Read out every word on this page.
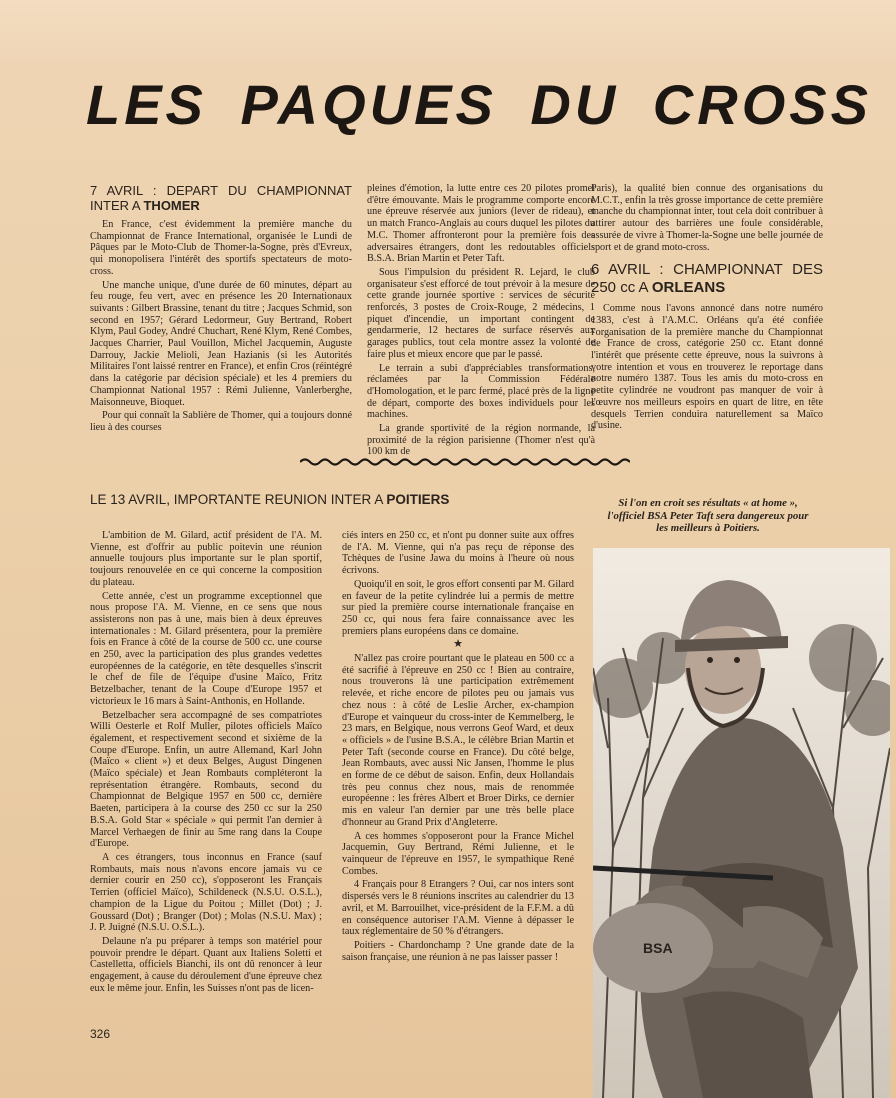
LES PAQUES DU CROSS
7 AVRIL : DEPART DU CHAMPIONNAT INTER A THOMER

En France, c'est évidemment la première manche du Championnat de France International, organisée le Lundi de Pâques par le Moto-Club de Thomer-la-Sogne, près d'Evreux, qui monopolisera l'intérêt des sportifs spectateurs de moto-cross.

Une manche unique, d'une durée de 60 minutes, départ au feu rouge, feu vert, avec en présence les 20 Internationaux suivants : Gilbert Brassine, tenant du titre ; Jacques Schmid, son second en 1957; Gérard Ledormeur, Guy Bertrand, Robert Klym, Paul Godey, André Chuchart, René Klym, René Combes, Jacques Charrier, Paul Vouillon, Michel Jacquemin, Auguste Darrouy, Jackie Melioli, Jean Hazianis (si les Autorités Militaires l'ont laissé rentrer en France), et enfin Cros (réintégré dans la catégorie par décision spéciale) et les 4 premiers du Championnat National 1957 : Rémi Julienne, Vanlerberghe, Maisonneuve, Bioquet.

Pour qui connaît la Sablière de Thomer, qui a toujours donné lieu à des courses

pleines d'émotion, la lutte entre ces 20 pilotes promet d'être émouvante. Mais le programme comporte encore une épreuve réservée aux juniors (lever de rideau), et un match Franco-Anglais au cours duquel les pilotes du M.C. Thomer affronteront pour la première fois des adversaires étrangers, dont les redoutables officiels B.S.A. Brian Martin et Peter Taft.

Sous l'impulsion du président R. Lejard, le club organisateur s'est efforcé de tout prévoir à la mesure de cette grande journée sportive : services de sécurité renforcés, 3 postes de Croix-Rouge, 2 médecins, 1 piquet d'incendie, un important contingent de gendarmerie, 12 hectares de surface réservés aux garages publics, tout cela montre assez la volonté de faire plus et mieux encore que par le passé.

Le terrain a subi d'appréciables transformations, réclamées par la Commission Fédérale d'Homologation, et le parc fermé, placé près de la ligne de départ, comporte des boxes individuels pour les machines.

La grande sportivité de la région normande, la proximité de la région parisienne (Thomer n'est qu'à 100 km de

Paris), la qualité bien connue des organisations du M.C.T., enfin la très grosse importance de cette première manche du championnat inter, tout cela doit contribuer à attirer autour des barrières une foule considérable, assurée de vivre à Thomer-la-Sogne une belle journée de sport et de grand moto-cross.

6 AVRIL : CHAMPIONNAT DES 250 cc A ORLEANS

Comme nous l'avons annoncé dans notre numéro 1383, c'est à l'A.M.C. Orléans qu'a été confiée l'organisation de la première manche du Championnat de France de cross, catégorie 250 cc. Etant donné l'intérêt que présente cette épreuve, nous la suivrons à votre intention et vous en trouverez le reportage dans notre numéro 1387. Tous les amis du moto-cross en petite cylindrée ne voudront pas manquer de voir à l'œuvre nos meilleurs espoirs en quart de litre, en tête desquels Terrien conduira naturellement sa Maïco d'usine.

LE 13 AVRIL, IMPORTANTE REUNION INTER A POITIERS

L'ambition de M. Gilard, actif président de l'A. M. Vienne, est d'offrir au public poitevin une réunion annuelle toujours plus importante sur le plan sportif, toujours renouvelée en ce qui concerne la composition du plateau.

Cette année, c'est un programme exceptionnel que nous propose l'A. M. Vienne, en ce sens que nous assisterons non pas à une, mais bien à deux épreuves internationales : M. Gilard présentera, pour la première fois en France à côté de la course de 500 cc. une course en 250, avec la participation des plus grandes vedettes européennes de la catégorie, en tête desquelles s'inscrit le chef de file de l'équipe d'usine Maïco, Fritz Betzelbacher, tenant de la Coupe d'Europe 1957 et victorieux le 16 mars à Saint-Anthonis, en Hollande.

Betzelbacher sera accompagné de ses compatriotes Willi Oesterle et Rolf Muller, pilotes officiels Maïco également, et respectivement second et sixième de la Coupe d'Europe. Enfin, un autre Allemand, Karl John (Maïco « client ») et deux Belges, August Dingenen (Maïco spéciale) et Jean Rombauts compléteront la représentation étrangère. Rombauts, second du Championnat de Belgique 1957 en 500 cc, dernière Baeten, participera à la course des 250 cc sur la 250 B.S.A. Gold Star « spéciale » qui permit l'an dernier à Marcel Verhaegen de finir au 5me rang dans la Coupe d'Europe.

A ces étrangers, tous inconnus en France (sauf Rombauts, mais nous n'avons encore jamais vu ce dernier courir en 250 cc), s'opposeront les Français Terrien (officiel Maïco), Schildeneck (N.S.U. O.S.L.), champion de la Ligue du Poitou ; Millet (Dot) ; J. Goussard (Dot) ; Branger (Dot) ; Molas (N.S.U. Max) ; J. P. Juigné (N.S.U. O.S.L.).

Delaune n'a pu préparer à temps son matériel pour pouvoir prendre le départ. Quant aux Italiens Soletti et Castelletta, officiels Bianchi, ils ont dû renoncer à leur engagement, à cause du déroulement d'une épreuve chez eux le même jour. Enfin, les Suisses n'ont pas de licen-

ciés inters en 250 cc, et n'ont pu donner suite aux offres de l'A. M. Vienne, qui n'a pas reçu de réponse des Tchèques de l'usine Jawa du moins à l'heure où nous écrivons.

Quoiqu'il en soit, le gros effort consenti par M. Gilard en faveur de la petite cylindrée lui a permis de mettre sur pied la première course internationale française en 250 cc, qui nous fera faire connaissance avec les premiers plans européens dans ce domaine.

★

N'allez pas croire pourtant que le plateau en 500 cc a été sacrifié à l'épreuve en 250 cc ! Bien au contraire, nous trouverons là une participation extrêmement relevée, et riche encore de pilotes peu ou jamais vus chez nous : à côté de Leslie Archer, ex-champion d'Europe et vainqueur du cross-inter de Kemmelberg, le 23 mars, en Belgique, nous verrons Geof Ward, et deux « officiels » de l'usine B.S.A., le célèbre Brian Martin et Peter Taft (seconde course en France). Du côté belge, Jean Rombauts, avec aussi Nic Jansen, l'homme le plus en forme de ce début de saison. Enfin, deux Hollandais très peu connus chez nous, mais de renommée européenne : les frères Albert et Broer Dirks, ce dernier mis en valeur l'an dernier par une très belle place d'honneur au Grand Prix d'Angleterre.

A ces hommes s'opposeront pour la France Michel Jacquemin, Guy Bertrand, Rémi Julienne, et le vainqueur de l'épreuve en 1957, le sympathique René Combes.

4 Français pour 8 Etrangers ? Oui, car nos inters sont dispersés vers le 8 réunions inscrites au calendrier du 13 avril, et M. Barrouilhet, vice-président de la F.F.M. a dû en conséquence autoriser l'A.M. Vienne à dépasser le taux réglementaire de 50 % d'étrangers.

Poitiers - Chardonchamp ? Une grande date de la saison française, une réunion à ne pas laisser passer !

Si l'on en croit ses résultats « at home », l'officiel BSA Peter Taft sera dangereux pour les meilleurs à Poitiers.
BSA
326
